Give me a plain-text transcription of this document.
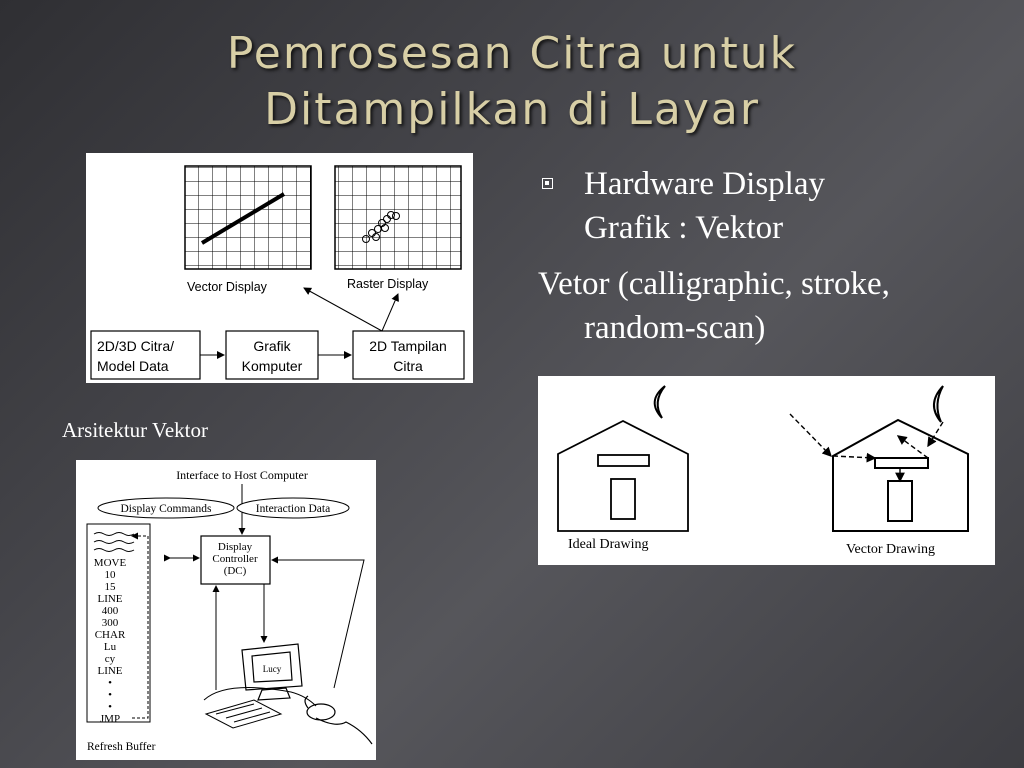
Pemrosesan Citra untuk
Ditampilkan di Layar
Vector Display	Raster Display
2D/3D Citra/
Model Data
Grafik
Komputer
2D Tampilan
Citra
Arsitektur Vektor
Hardware Display
Grafik : Vektor
Vetor (calligraphic, stroke, random-scan)
Ideal Drawing	Vector Drawing
Interface to Host Computer
Display Commands	Interaction Data
Display
Controller
(DC)
MOVE
10
15
LINE
400
300
CHAR
Lu
cy
LINE
•
•
•
JMP
Lucy
Refresh Buffer
